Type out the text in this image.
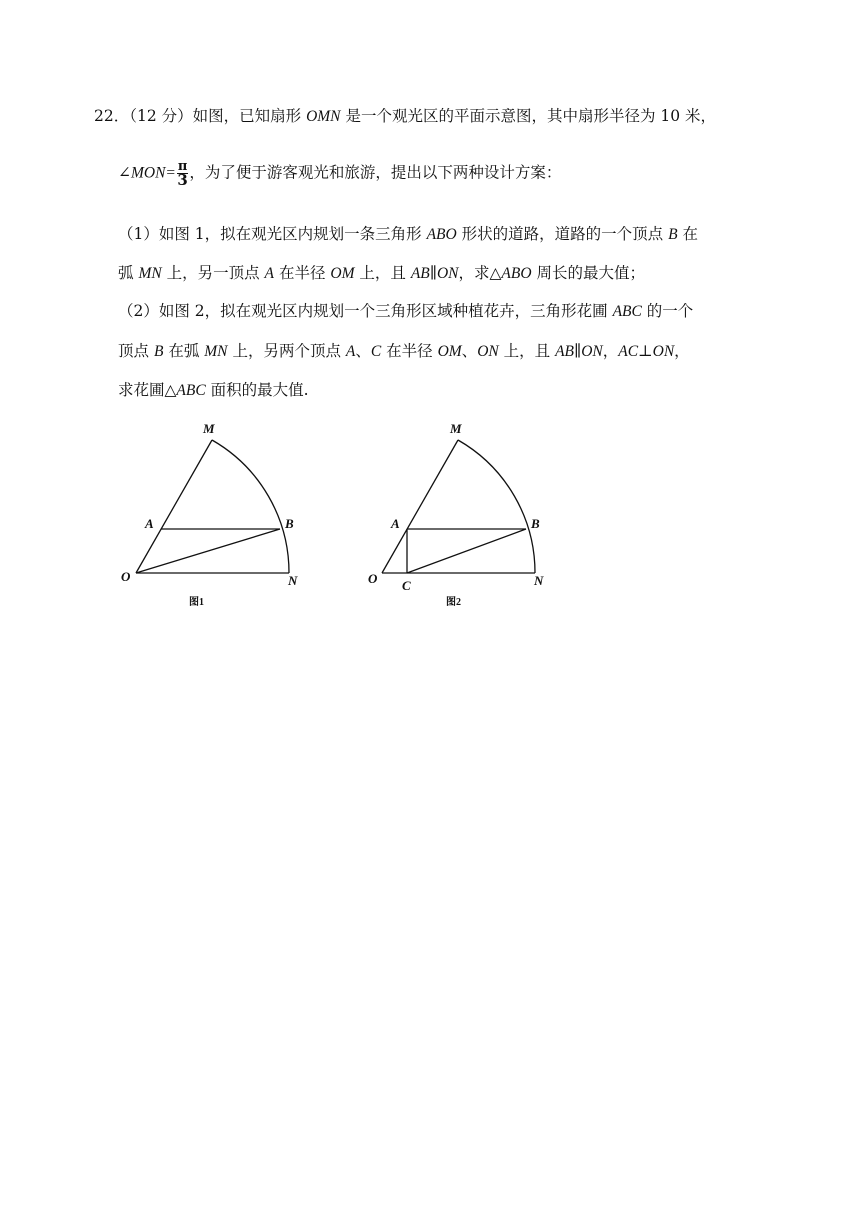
22．（12 分）如图，已知扇形 OMN 是一个观光区的平面示意图，其中扇形半径为 10 米，
∠MON= $\frac{\pi}{3}$ ，为了便于游客观光和旅游，提出以下两种设计方案：
（1）如图 1，拟在观光区内规划一条三角形 ABO 形状的道路，道路的一个顶点 B 在
弧 MN 上，另一顶点 A 在半径 OM 上，且 AB∥ON，求△ABO 周长的最大值；
（2）如图 2，拟在观光区内规划一个三角形区域种植花卉，三角形花圃 ABC 的一个
顶点 B 在弧 MN 上，另两个顶点 A、C 在半径 OM、ON 上，且 AB∥ON，AC⊥ON，
求花圃△ABC 面积的最大值.
M
A	B
O	N
图1
M
A	B
O C	N
图2
